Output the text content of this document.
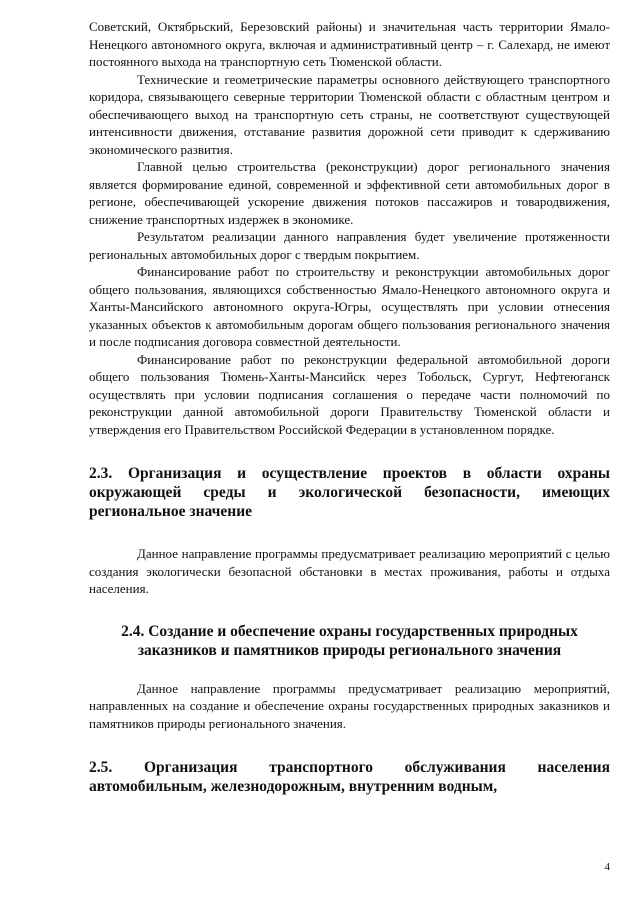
Советский, Октябрьский, Березовский районы) и значительная часть территории Ямало-Ненецкого автономного округа, включая и административный центр – г. Салехард, не имеют постоянного выхода на транспортную сеть Тюменской области.

Технические и геометрические параметры основного действующего транспортного коридора, связывающего северные территории Тюменской области с областным центром и обеспечивающего выход на транспортную сеть страны, не соответствуют существующей интенсивности движения, отставание развития дорожной сети приводит к сдерживанию экономического развития.

Главной целью строительства (реконструкции) дорог регионального значения является формирование единой, современной и эффективной сети автомобильных дорог в регионе, обеспечивающей ускорение движения потоков пассажиров и товародвижения, снижение транспортных издержек в экономике.

Результатом реализации данного направления будет увеличение протяженности региональных автомобильных дорог с твердым покрытием.

Финансирование работ по строительству и реконструкции автомобильных дорог общего пользования, являющихся собственностью Ямало-Ненецкого автономного округа и Ханты-Мансийского автономного округа-Югры, осуществлять при условии отнесения указанных объектов к автомобильным дорогам общего пользования регионального значения и после подписания договора совместной деятельности.

Финансирование работ по реконструкции федеральной автомобильной дороги общего пользования Тюмень-Ханты-Мансийск через Тобольск, Сургут, Нефтеюганск осуществлять при условии подписания соглашения о передаче части полномочий по реконструкции данной автомобильной дороги Правительству Тюменской области и утверждения его Правительством Российской Федерации в установленном порядке.

2.3. Организация и осуществление проектов в области охраны окружающей среды и экологической безопасности, имеющих региональное значение

Данное направление программы предусматривает реализацию мероприятий с целью создания экологически безопасной обстановки в местах проживания, работы и отдыха населения.

2.4. Создание и обеспечение охраны государственных природных заказников и памятников природы регионального значения

Данное направление программы предусматривает реализацию мероприятий, направленных на создание и обеспечение охраны государственных природных заказников и памятников природы регионального значения.

2.5. Организация транспортного обслуживания населения автомобильным, железнодорожным, внутренним водным,
4
